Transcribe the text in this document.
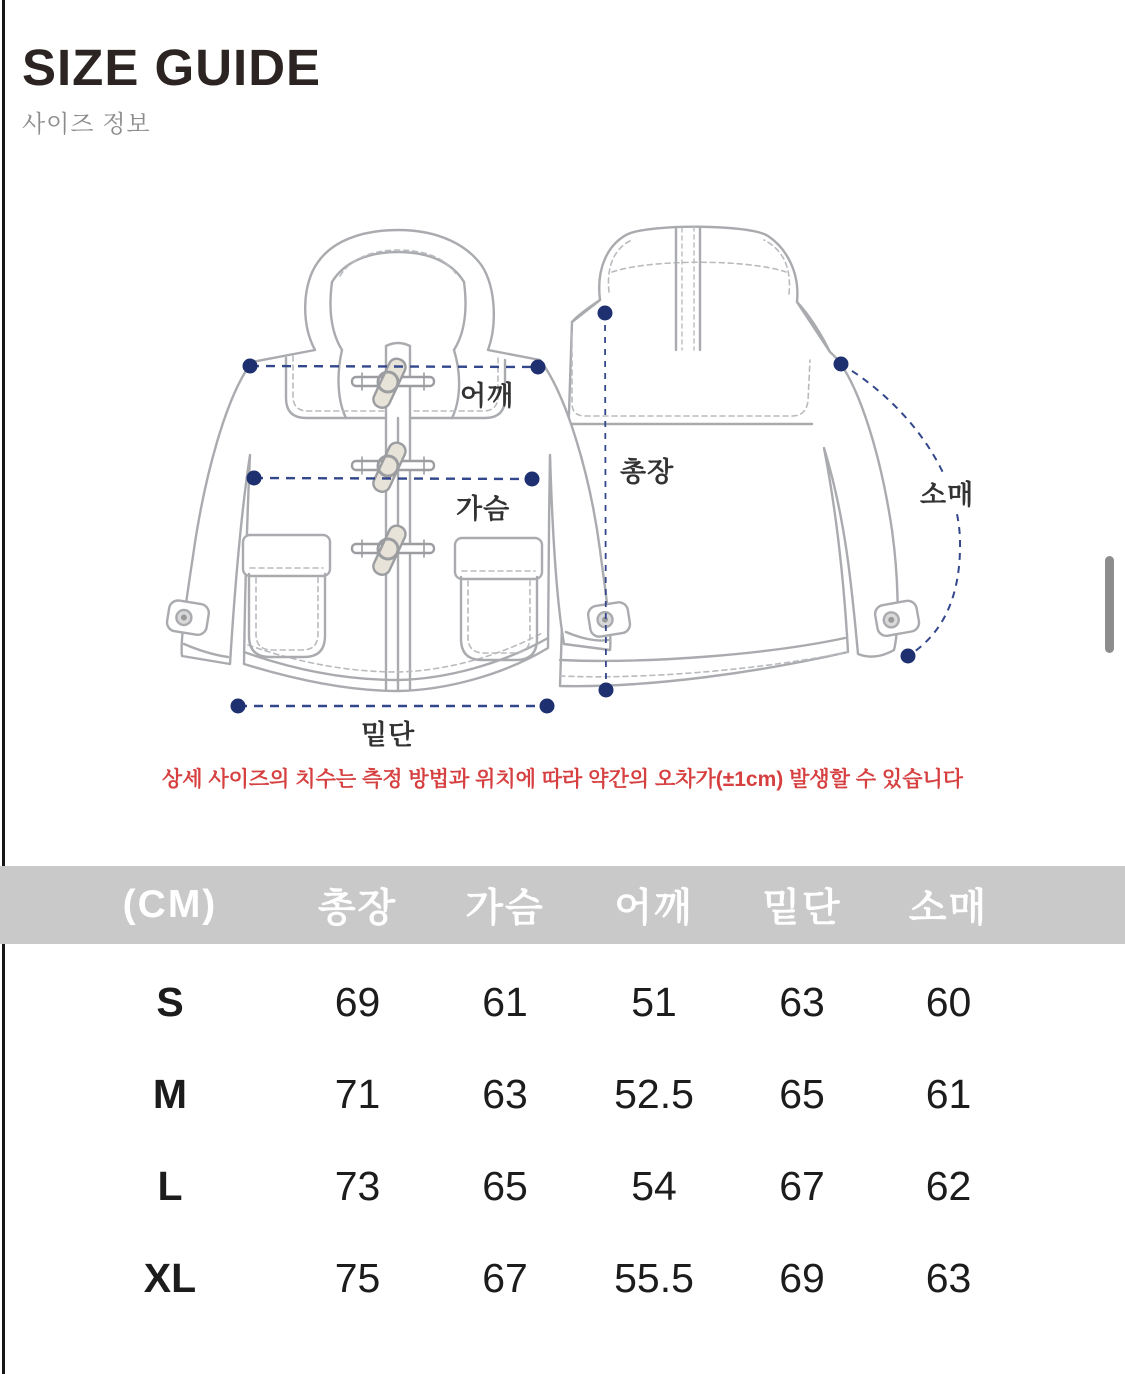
SIZE GUIDE
사이즈 정보
어깨
가슴
밑단
총장
소매
상세 사이즈의 치수는 측정 방법과 위치에 따라 약간의 오차가(±1cm) 발생할 수 있습니다
(CM)	총장	가슴	어깨	밑단	소매
S	69	61	51	63	60
M	71	63	52.5	65	61
L	73	65	54	67	62
XL	75	67	55.5	69	63
